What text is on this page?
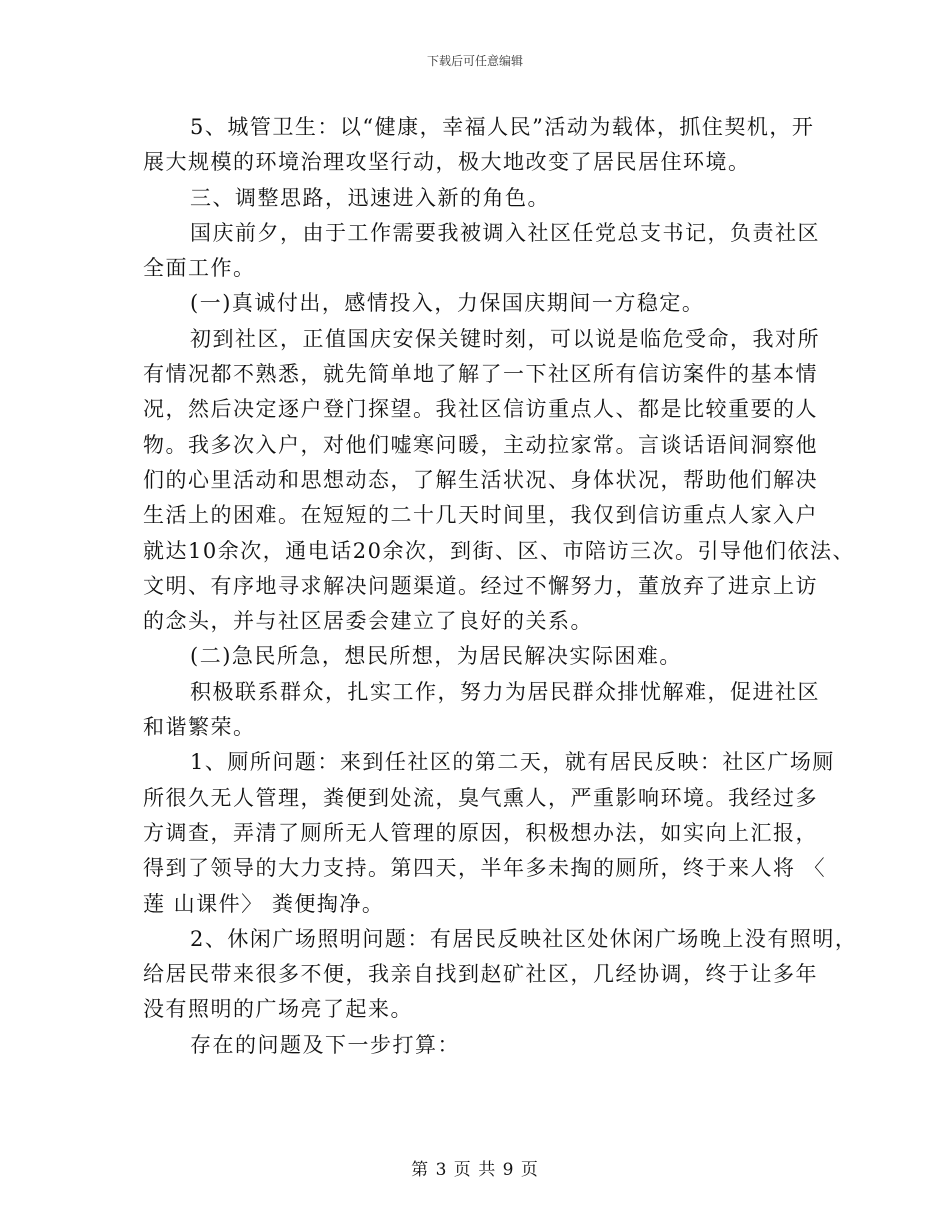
下载后可任意编辑
5、城管卫生：以“健康，幸福人民”活动为载体，抓住契机，开
展大规模的环境治理攻坚行动，极大地改变了居民居住环境。
三、调整思路，迅速进入新的角色。
国庆前夕，由于工作需要我被调入社区任党总支书记，负责社区
全面工作。
(一)真诚付出，感情投入，力保国庆期间一方稳定。
初到社区，正值国庆安保关键时刻，可以说是临危受命，我对所
有情况都不熟悉，就先简单地了解了一下社区所有信访案件的基本情
况，然后决定逐户登门探望。我社区信访重点人、都是比较重要的人
物。我多次入户，对他们嘘寒问暖，主动拉家常。言谈话语间洞察他
们的心里活动和思想动态，了解生活状况、身体状况，帮助他们解决
生活上的困难。在短短的二十几天时间里，我仅到信访重点人家入户
就达10余次，通电话20余次，到街、区、市陪访三次。引导他们依法、
文明、有序地寻求解决问题渠道。经过不懈努力，董放弃了进京上访
的念头，并与社区居委会建立了良好的关系。
(二)急民所急，想民所想，为居民解决实际困难。
积极联系群众，扎实工作，努力为居民群众排忧解难，促进社区
和谐繁荣。
1、厕所问题：来到任社区的第二天，就有居民反映：社区广场厕
所很久无人管理，粪便到处流，臭气熏人，严重影响环境。我经过多
方调查，弄清了厕所无人管理的原因，积极想办法，如实向上汇报，
得到了领导的大力支持。第四天，半年多未掏的厕所，终于来人将 〈
莲 山课件〉 粪便掏净。
2、休闲广场照明问题：有居民反映社区处休闲广场晚上没有照明，
给居民带来很多不便，我亲自找到赵矿社区，几经协调，终于让多年
没有照明的广场亮了起来。
存在的问题及下一步打算：
第 3 页 共 9 页
